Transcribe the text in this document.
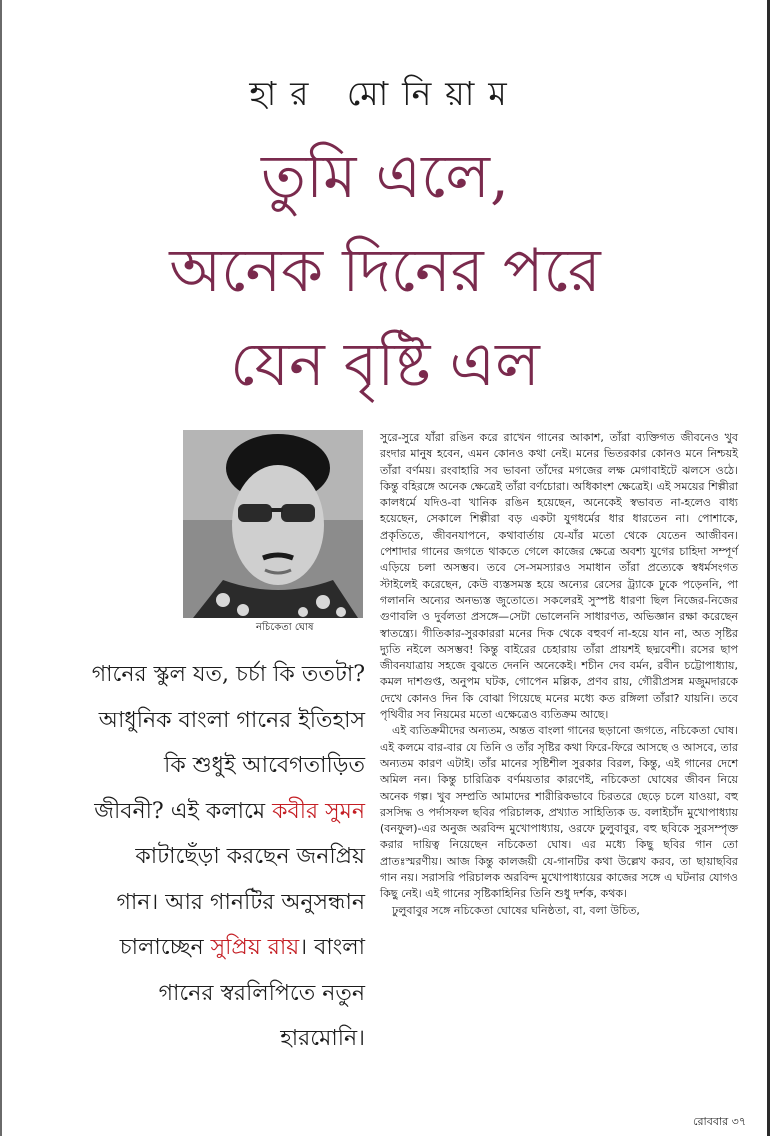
হার মোনিয়াম
তুমি এলে,
অনেক দিনের পরে
যেন বৃষ্টি এল
নচিকেতা ঘোষ
গানের স্কুল যত, চর্চা কি ততটা? আধুনিক বাংলা গানের ইতিহাস কি শুধুই আবেগতাড়িত জীবনী? এই কলামে কবীর সুমন কাটাছেঁড়া করছেন জনপ্রিয় গান। আর গানটির অনুসন্ধান চালাচ্ছেন সুপ্রিয় রায়। বাংলা গানের স্বরলিপিতে নতুন হারমোনি।

সুরে-সুরে যাঁরা রঙিন করে রাখেন গানের আকাশ, তাঁরা ব্যক্তিগত জীবনেও খুব রংদার মানুষ হবেন, এমন কোনও কথা নেই। মনের ভিতরকার কোনও মনে নিশ্চয়ই তাঁরা বর্ণময়। রংবাহারি সব ভাবনা তাঁদের মগজের লক্ষ মেগাবাইটে ঝলসে ওঠে। কিন্তু বহিরঙ্গে অনেক ক্ষেত্রেই তাঁরা বর্ণচোরা। অধিকাংশ ক্ষেত্রেই। এই সময়ের শিল্পীরা কালধর্মে যদিও-বা খানিক রঙিন হয়েছেন, অনেকেই স্বভাবত না-হলেও বাধ্য হয়েছেন, সেকালে শিল্পীরা বড় একটা যুগধর্মের ধার ধারতেন না। পোশাকে, প্রকৃতিতে, জীবনযাপনে, কথাবার্তায় যে-যাঁর মতো থেকে যেতেন আজীবন। পেশাদার গানের জগতে থাকতে গেলে কাজের ক্ষেত্রে অবশ্য যুগের চাহিদা সম্পূর্ণ এড়িয়ে চলা অসম্ভব। তবে সে-সমস্যারও সমাধান তাঁরা প্রত্যেকে স্বধর্মসংগত স্টাইলেই করেছেন, কেউ ব্যস্তসমস্ত হয়ে অন্যের রেসের ট্র্যাকে ঢুকে পড়েননি, পা গলাননি অন্যের অনভ্যস্ত জুতোতে। সকলেরই সুস্পষ্ট ধারণা ছিল নিজের-নিজের গুণাবলি ও দুর্বলতা প্রসঙ্গে—সেটা ভোলেননি সাধারণত, অভিজ্ঞান রক্ষা করেছেন স্বাতন্ত্র্যে। গীতিকার-সুরকাররা মনের দিক থেকে বহুবর্ণ না-হয়ে যান না, অত সৃষ্টির দ্যুতি নইলে অসম্ভব! কিন্তু বাইরের চেহারায় তাঁরা প্রায়শই ছদ্মবেশী। রসের ছাপ জীবনযাত্রায় সহজে বুঝতে দেননি অনেকেই। শচীন দেব বর্মন, রবীন চট্টোপাধ্যায়, কমল দাশগুপ্ত, অনুপম ঘটক, গোপেন মল্লিক, প্রণব রায়, গৌরীপ্রসন্ন মজুমদারকে দেখে কোনও দিন কি বোঝা গিয়েছে মনের মধ্যে কত রঙ্গিলা তাঁরা? যায়নি। তবে পৃথিবীর সব নিয়মের মতো এক্ষেত্রেও ব্যতিক্রম আছে।

এই ব্যতিক্রমীদের অন্যতম, অন্তত বাংলা গানের ছড়ানো জগতে, নচিকেতা ঘোষ। এই কলমে বার-বার যে তিনি ও তাঁর সৃষ্টির কথা ফিরে-ফিরে আসছে ও আসবে, তার অন্যতম কারণ এটাই। তাঁর মানের সৃষ্টিশীল সুরকার বিরল, কিন্তু, এই গানের দেশে অমিল নন। কিন্তু চারিত্রিক বর্ণময়তার কারণেই, নচিকেতা ঘোষের জীবন নিয়ে অনেক গল্প। খুব সম্প্রতি আমাদের শারীরিকভাবে চিরতরে ছেড়ে চলে যাওয়া, বহু রসসিদ্ধ ও পর্দাসফল ছবির পরিচালক, প্রখ্যাত সাহিত্যিক ড. বলাইচাঁদ মুখোপাধ্যায় (বনফুল)-এর অনুজ অরবিন্দ মুখোপাধ্যায়, ওরফে ঢুলুবাবুর, বহু ছবিকে সুরসম্পৃক্ত করার দায়িত্ব নিয়েছেন নচিকেতা ঘোষ। এর মধ্যে কিছু ছবির গান তো প্রাতঃস্মরণীয়। আজ কিন্তু কালজয়ী যে-গানটির কথা উল্লেখ করব, তা ছায়াছবির গান নয়। সরাসরি পরিচালক অরবিন্দ মুখোপাধ্যায়ের কাজের সঙ্গে এ ঘটনার যোগও কিছু নেই। এই গানের সৃষ্টিকাহিনির তিনি শুধু দর্শক, কথক।

ঢুলুবাবুর সঙ্গে নচিকেতা ঘোষের ঘনিষ্ঠতা, বা, বলা উচিত,

রোববার ৩৭
